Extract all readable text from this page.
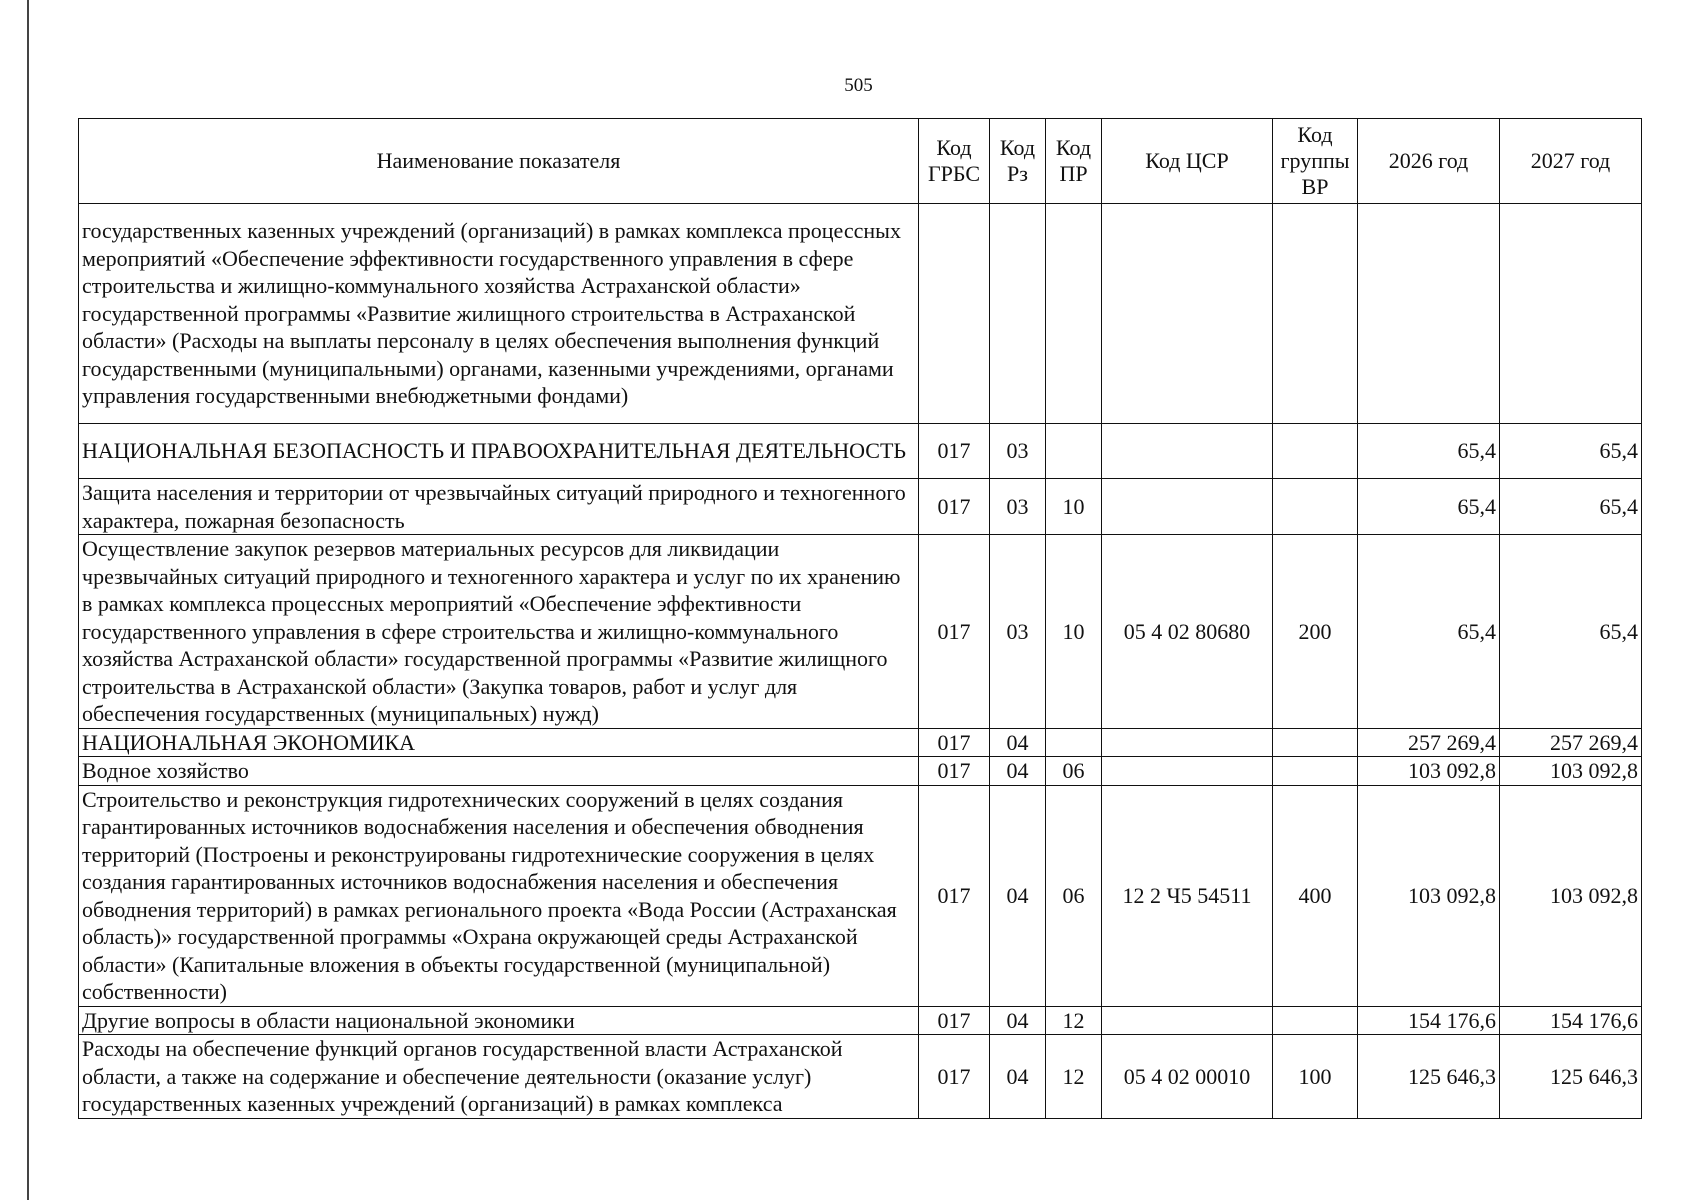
505
Наименование показателя	Код ГРБС	Код Рз	Код ПР	Код ЦСР	Код группы ВР	2026 год	2027 год
государственных казенных учреждений (организаций) в рамках комплекса процессных мероприятий «Обеспечение эффективности государственного управления в сфере строительства и жилищно-коммунального хозяйства Астраханской области» государственной программы «Развитие жилищного строительства в Астраханской области» (Расходы на выплаты персоналу в целях обеспечения выполнения функций государственными (муниципальными) органами, казенными учреждениями, органами управления государственными внебюджетными фондами)							
НАЦИОНАЛЬНАЯ БЕЗОПАСНОСТЬ И ПРАВООХРАНИТЕЛЬНАЯ ДЕЯТЕЛЬНОСТЬ	017	03				65,4	65,4
Защита населения и территории от чрезвычайных ситуаций природного и техногенного характера, пожарная безопасность	017	03	10			65,4	65,4
Осуществление закупок резервов материальных ресурсов для ликвидации чрезвычайных ситуаций природного и техногенного характера и услуг по их хранению в рамках комплекса процессных мероприятий «Обеспечение эффективности государственного управления в сфере строительства и жилищно-коммунального хозяйства Астраханской области» государственной программы «Развитие жилищного строительства в Астраханской области» (Закупка товаров, работ и услуг для обеспечения государственных (муниципальных) нужд)	017	03	10	05 4 02 80680	200	65,4	65,4
НАЦИОНАЛЬНАЯ ЭКОНОМИКА	017	04				257 269,4	257 269,4
Водное хозяйство	017	04	06			103 092,8	103 092,8
Строительство и реконструкция гидротехнических сооружений в целях создания гарантированных источников водоснабжения населения и обеспечения обводнения территорий (Построены и реконструированы гидротехнические сооружения в целях создания гарантированных источников водоснабжения населения и обеспечения обводнения территорий) в рамках регионального проекта «Вода России (Астраханская область)» государственной программы «Охрана окружающей среды Астраханской области» (Капитальные вложения в объекты государственной (муниципальной) собственности)	017	04	06	12 2 Ч5 54511	400	103 092,8	103 092,8
Другие вопросы в области национальной экономики	017	04	12			154 176,6	154 176,6
Расходы на обеспечение функций органов государственной власти Астраханской области, а также на содержание и обеспечение деятельности (оказание услуг) государственных казенных учреждений (организаций) в рамках комплекса	017	04	12	05 4 02 00010	100	125 646,3	125 646,3
